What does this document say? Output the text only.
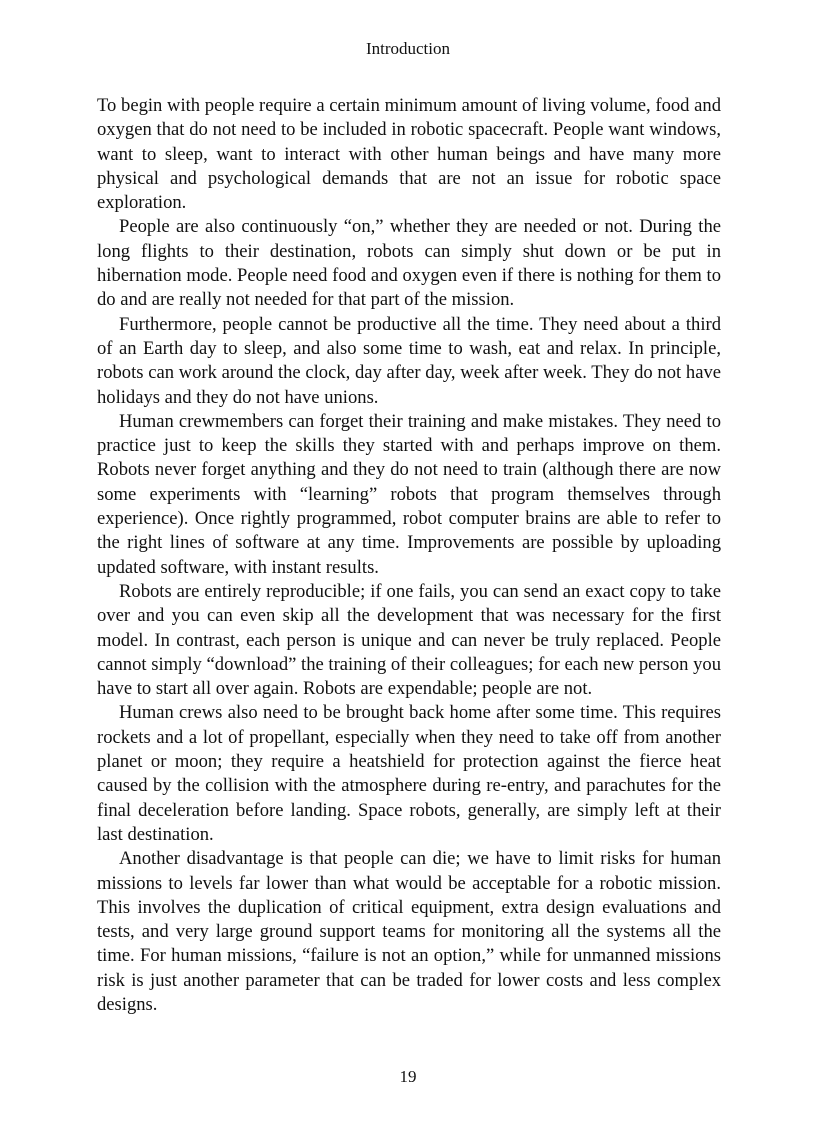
Introduction

To begin with people require a certain minimum amount of living volume, food and oxygen that do not need to be included in robotic spacecraft. People want windows, want to sleep, want to interact with other human beings and have many more physical and psychological demands that are not an issue for robotic space exploration.

People are also continuously “on,” whether they are needed or not. During the long flights to their destination, robots can simply shut down or be put in hibernation mode. People need food and oxygen even if there is nothing for them to do and are really not needed for that part of the mission.

Furthermore, people cannot be productive all the time. They need about a third of an Earth day to sleep, and also some time to wash, eat and relax. In principle, robots can work around the clock, day after day, week after week. They do not have holidays and they do not have unions.

Human crewmembers can forget their training and make mistakes. They need to practice just to keep the skills they started with and perhaps improve on them. Robots never forget anything and they do not need to train (although there are now some experiments with “learning” robots that program themselves through experience). Once rightly programmed, robot computer brains are able to refer to the right lines of software at any time. Improvements are possible by uploading updated software, with instant results.

Robots are entirely reproducible; if one fails, you can send an exact copy to take over and you can even skip all the development that was necessary for the first model. In contrast, each person is unique and can never be truly replaced. People cannot simply “download” the training of their colleagues; for each new person you have to start all over again. Robots are expendable; people are not.

Human crews also need to be brought back home after some time. This requires rockets and a lot of propellant, especially when they need to take off from another planet or moon; they require a heatshield for protection against the fierce heat caused by the collision with the atmosphere during re-entry, and parachutes for the final deceleration before landing. Space robots, generally, are simply left at their last destination.

Another disadvantage is that people can die; we have to limit risks for human missions to levels far lower than what would be acceptable for a robotic mission. This involves the duplication of critical equipment, extra design evaluations and tests, and very large ground support teams for monitoring all the systems all the time. For human missions, “failure is not an option,” while for unmanned missions risk is just another parameter that can be traded for lower costs and less complex designs.

19
